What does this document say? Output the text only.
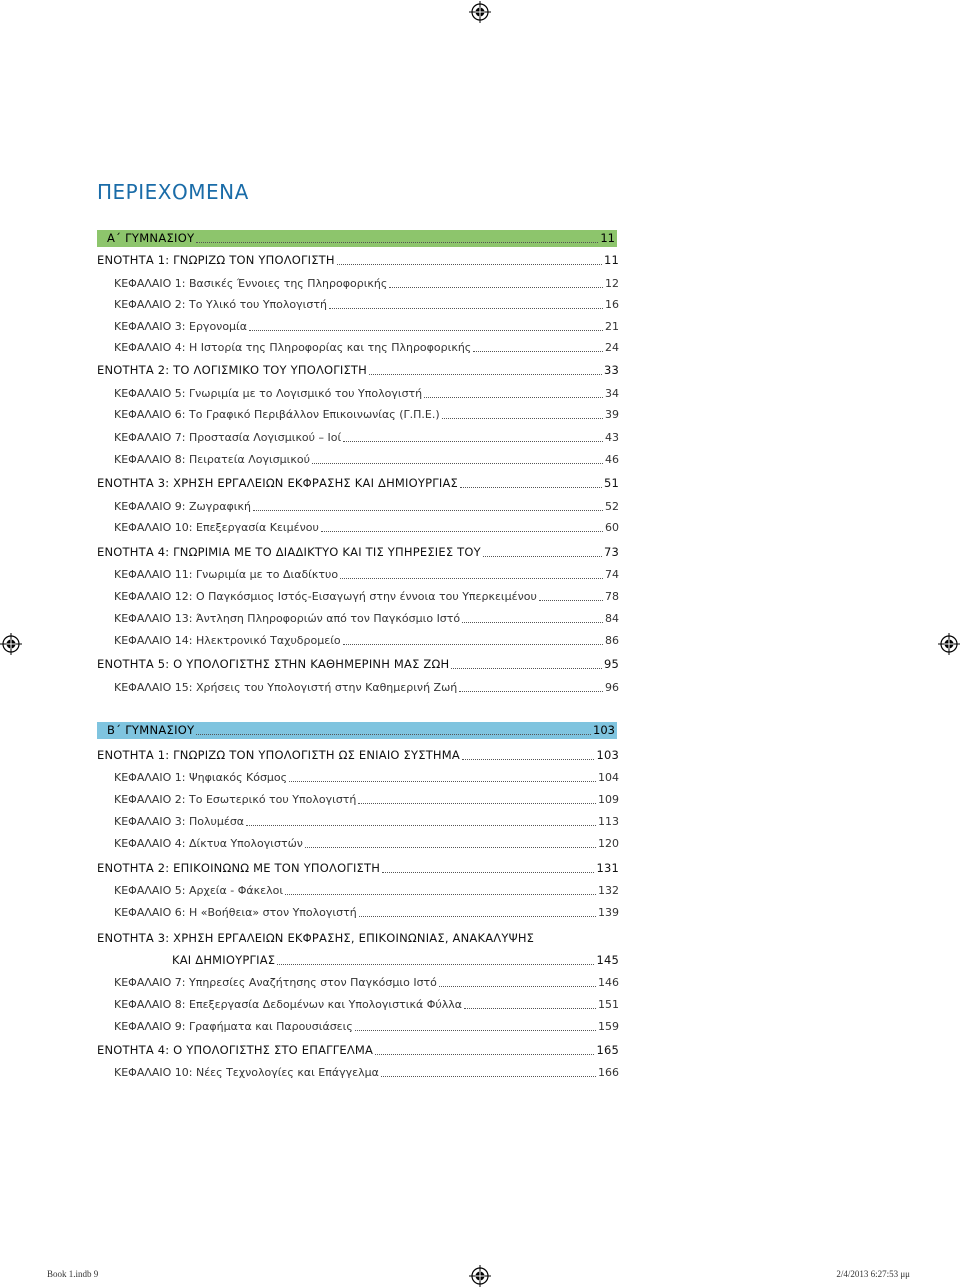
ΠΕΡΙΕΧΟΜΕΝΑ
Α΄ ΓΥΜΝΑΣΙΟΥ	11
ΕΝΟΤΗΤΑ 1: ΓΝΩΡΙΖΩ ΤΟΝ ΥΠΟΛΟΓΙΣΤΗ	11
ΚΕΦΑΛΑΙΟ 1: Βασικές Έννοιες της Πληροφορικής	12
ΚΕΦΑΛΑΙΟ 2: Το Υλικό του Υπολογιστή	16
ΚΕΦΑΛΑΙΟ 3: Εργονομία	21
ΚΕΦΑΛΑΙΟ 4: Η Ιστορία της Πληροφορίας και της Πληροφορικής	24
ΕΝΟΤΗΤΑ 2: ΤΟ ΛΟΓΙΣΜΙΚΟ ΤΟΥ ΥΠΟΛΟΓΙΣΤΗ	33
ΚΕΦΑΛΑΙΟ 5: Γνωριμία με το Λογισμικό του Υπολογιστή	34
ΚΕΦΑΛΑΙΟ 6: Το Γραφικό Περιβάλλον Επικοινωνίας (Γ.Π.Ε.)	39
ΚΕΦΑΛΑΙΟ 7: Προστασία Λογισμικού – Ιοί	43
ΚΕΦΑΛΑΙΟ 8: Πειρατεία Λογισμικού	46
ΕΝΟΤΗΤΑ 3: ΧΡΗΣΗ ΕΡΓΑΛΕΙΩΝ ΕΚΦΡΑΣΗΣ ΚΑΙ ΔΗΜΙΟΥΡΓΙΑΣ	51
ΚΕΦΑΛΑΙΟ 9: Ζωγραφική	52
ΚΕΦΑΛΑΙΟ 10: Επεξεργασία Κειμένου	60
ΕΝΟΤΗΤΑ 4: ΓΝΩΡΙΜΙΑ ΜΕ ΤΟ ΔΙΑΔΙΚΤΥΟ ΚΑΙ ΤΙΣ ΥΠΗΡΕΣΙΕΣ ΤΟΥ	73
ΚΕΦΑΛΑΙΟ 11: Γνωριμία με το Διαδίκτυο	74
ΚΕΦΑΛΑΙΟ 12: Ο Παγκόσμιος Ιστός-Εισαγωγή στην έννοια του Υπερκειμένου	78
ΚΕΦΑΛΑΙΟ 13: Άντληση Πληροφοριών από τον Παγκόσμιο Ιστό	84
ΚΕΦΑΛΑΙΟ 14: Ηλεκτρονικό Ταχυδρομείο	86
ΕΝΟΤΗΤΑ 5: Ο ΥΠΟΛΟΓΙΣΤΗΣ ΣΤΗΝ ΚΑΘΗΜΕΡΙΝΗ ΜΑΣ ΖΩΗ	95
ΚΕΦΑΛΑΙΟ 15: Χρήσεις του Υπολογιστή στην Καθημερινή Ζωή	96
Β΄ ΓΥΜΝΑΣΙΟΥ	103
ΕΝΟΤΗΤΑ 1: ΓΝΩΡΙΖΩ ΤΟΝ ΥΠΟΛΟΓΙΣΤΗ ΩΣ ΕΝΙΑΙΟ ΣΥΣΤΗΜΑ	103
ΚΕΦΑΛΑΙΟ 1: Ψηφιακός Κόσμος	104
ΚΕΦΑΛΑΙΟ 2: Το Εσωτερικό του Υπολογιστή	109
ΚΕΦΑΛΑΙΟ 3: Πολυμέσα	113
ΚΕΦΑΛΑΙΟ 4: Δίκτυα Υπολογιστών	120
ΕΝΟΤΗΤΑ 2: ΕΠΙΚΟΙΝΩΝΩ ΜΕ ΤΟΝ ΥΠΟΛΟΓΙΣΤΗ	131
ΚΕΦΑΛΑΙΟ 5: Αρχεία - Φάκελοι	132
ΚΕΦΑΛΑΙΟ 6: Η «Βοήθεια» στον Υπολογιστή	139
ΕΝΟΤΗΤΑ 3: ΧΡΗΣΗ ΕΡΓΑΛΕΙΩΝ ΕΚΦΡΑΣΗΣ, ΕΠΙΚΟΙΝΩΝΙΑΣ, ΑΝΑΚΑΛΥΨΗΣ
ΚΑΙ ΔΗΜΙΟΥΡΓΙΑΣ	145
ΚΕΦΑΛΑΙΟ 7: Υπηρεσίες Αναζήτησης στον Παγκόσμιο Ιστό	146
ΚΕΦΑΛΑΙΟ 8: Επεξεργασία Δεδομένων και Υπολογιστικά Φύλλα	151
ΚΕΦΑΛΑΙΟ 9: Γραφήματα και Παρουσιάσεις	159
ΕΝΟΤΗΤΑ 4: Ο ΥΠΟΛΟΓΙΣΤΗΣ ΣΤΟ ΕΠΑΓΓΕΛΜΑ	165
ΚΕΦΑΛΑΙΟ 10: Νέες Τεχνολογίες και Επάγγελμα	166
Book 1.indb 9	2/4/2013 6:27:53 μμ
